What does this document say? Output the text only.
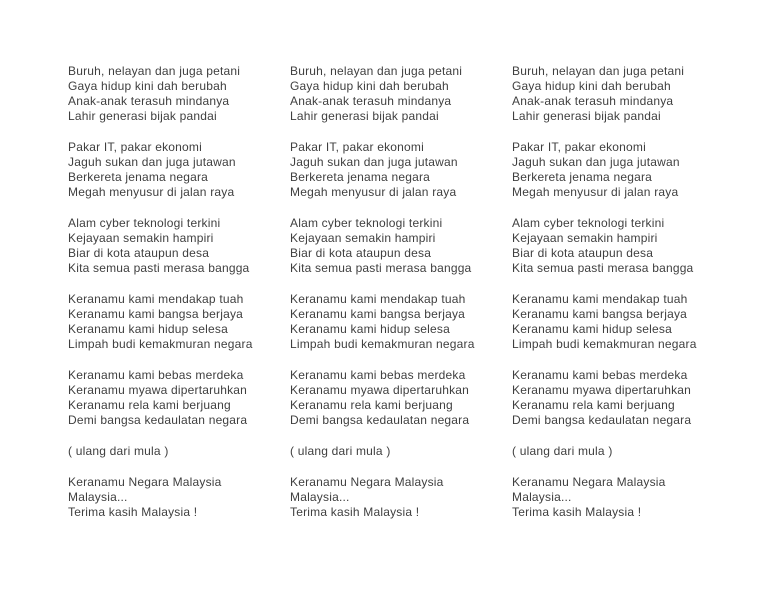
Buruh, nelayan dan juga petani
Gaya hidup kini dah berubah
Anak-anak terasuh mindanya
Lahir generasi bijak pandai
Pakar IT, pakar ekonomi
Jaguh sukan dan juga jutawan
Berkereta jenama negara
Megah menyusur di jalan raya
Alam cyber teknologi terkini
Kejayaan semakin hampiri
Biar di kota ataupun desa
Kita semua pasti merasa bangga
Keranamu kami mendakap tuah
Keranamu kami bangsa berjaya
Keranamu kami hidup selesa
Limpah budi kemakmuran negara
Keranamu kami bebas merdeka
Keranamu myawa dipertaruhkan
Keranamu rela kami berjuang
Demi bangsa kedaulatan negara
( ulang dari mula )
Keranamu Negara Malaysia
Malaysia...
Terima kasih Malaysia !
Buruh, nelayan dan juga petani
Gaya hidup kini dah berubah
Anak-anak terasuh mindanya
Lahir generasi bijak pandai
Pakar IT, pakar ekonomi
Jaguh sukan dan juga jutawan
Berkereta jenama negara
Megah menyusur di jalan raya
Alam cyber teknologi terkini
Kejayaan semakin hampiri
Biar di kota ataupun desa
Kita semua pasti merasa bangga
Keranamu kami mendakap tuah
Keranamu kami bangsa berjaya
Keranamu kami hidup selesa
Limpah budi kemakmuran negara
Keranamu kami bebas merdeka
Keranamu myawa dipertaruhkan
Keranamu rela kami berjuang
Demi bangsa kedaulatan negara
( ulang dari mula )
Keranamu Negara Malaysia
Malaysia...
Terima kasih Malaysia !
Buruh, nelayan dan juga petani
Gaya hidup kini dah berubah
Anak-anak terasuh mindanya
Lahir generasi bijak pandai
Pakar IT, pakar ekonomi
Jaguh sukan dan juga jutawan
Berkereta jenama negara
Megah menyusur di jalan raya
Alam cyber teknologi terkini
Kejayaan semakin hampiri
Biar di kota ataupun desa
Kita semua pasti merasa bangga
Keranamu kami mendakap tuah
Keranamu kami bangsa berjaya
Keranamu kami hidup selesa
Limpah budi kemakmuran negara
Keranamu kami bebas merdeka
Keranamu myawa dipertaruhkan
Keranamu rela kami berjuang
Demi bangsa kedaulatan negara
( ulang dari mula )
Keranamu Negara Malaysia
Malaysia...
Terima kasih Malaysia !
